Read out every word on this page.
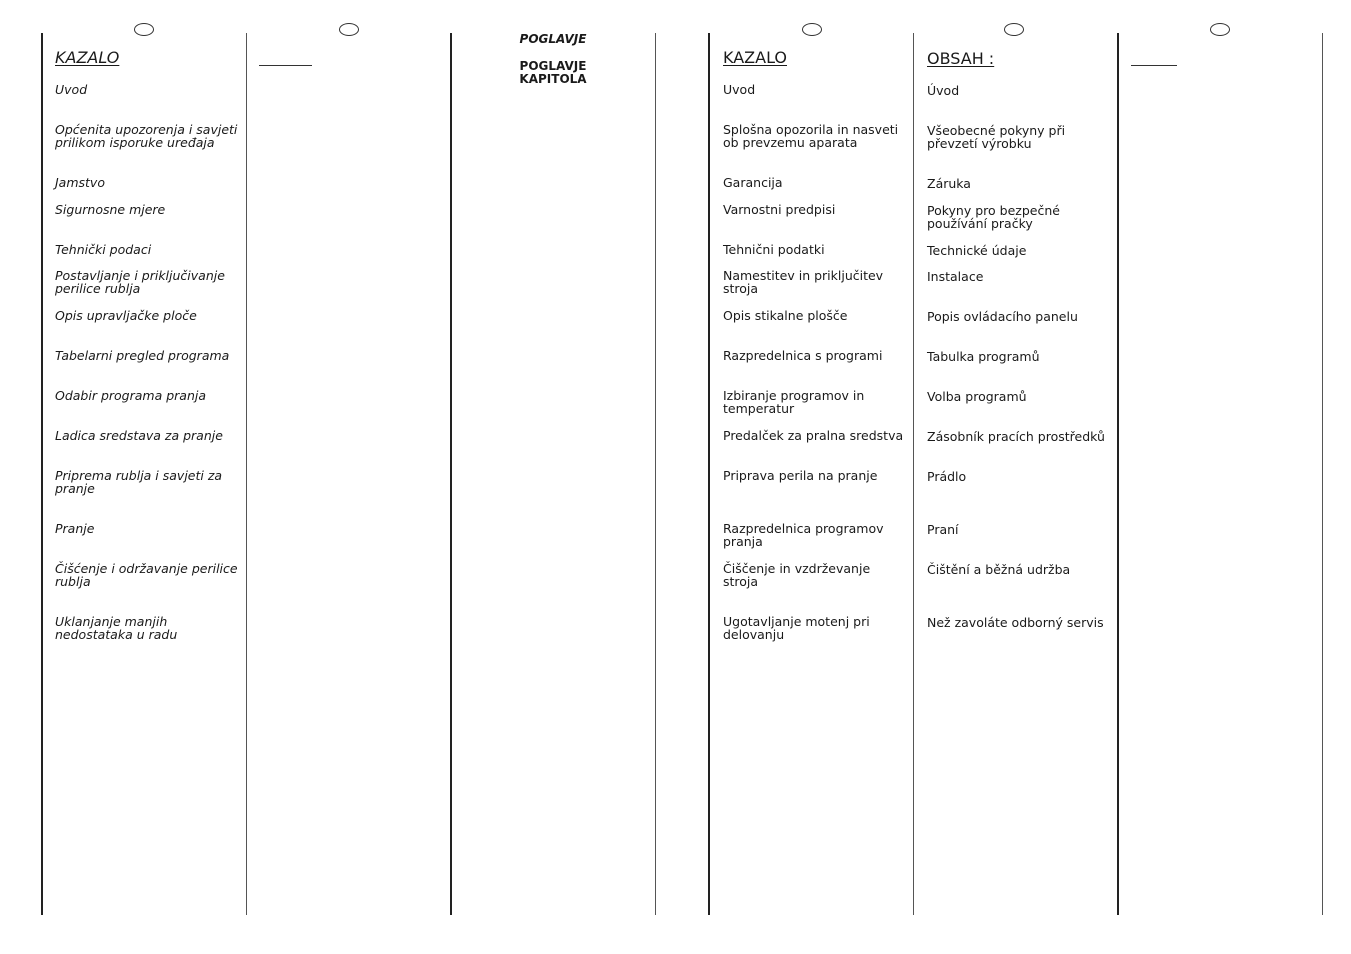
KAZALO
Uvod
Općenita upozorenja i savjeti prilikom isporuke uređaja
Jamstvo
Sigurnosne mjere
Tehnički podaci
Postavljanje i priključivanje perilice rublja
Opis upravljačke ploče
Tabelarni pregled programa
Odabir programa pranja
Ladica sredstava za pranje
Priprema rublja i savjeti za pranje
Pranje
Čišćenje i održavanje perilice rublja
Uklanjanje manjih nedostataka u radu
POGLAVJE
POGLAVJE
KAPITOLA
KAZALO
Uvod
Splošna opozorila in nasveti ob prevzemu aparata
Garancija
Varnostni predpisi
Tehnični podatki
Namestitev in priključitev stroja
Opis stikalne plošče
Razpredelnica s programi
Izbiranje programov in temperatur
Predalček za pralna sredstva
Priprava perila na pranje
Razpredelnica programov pranja
Čiščenje in vzdrževanje stroja
Ugotavljanje motenj pri delovanju
OBSAH :
Úvod
Všeobecné pokyny při převzetí výrobku
Záruka
Pokyny pro bezpečné používání pračky
Technické údaje
Instalace
Popis ovládacího panelu
Tabulka programů
Volba programů
Zásobník pracích prostředků
Prádlo
Praní
Čištění a běžná udržba
Než zavoláte odborný servis
